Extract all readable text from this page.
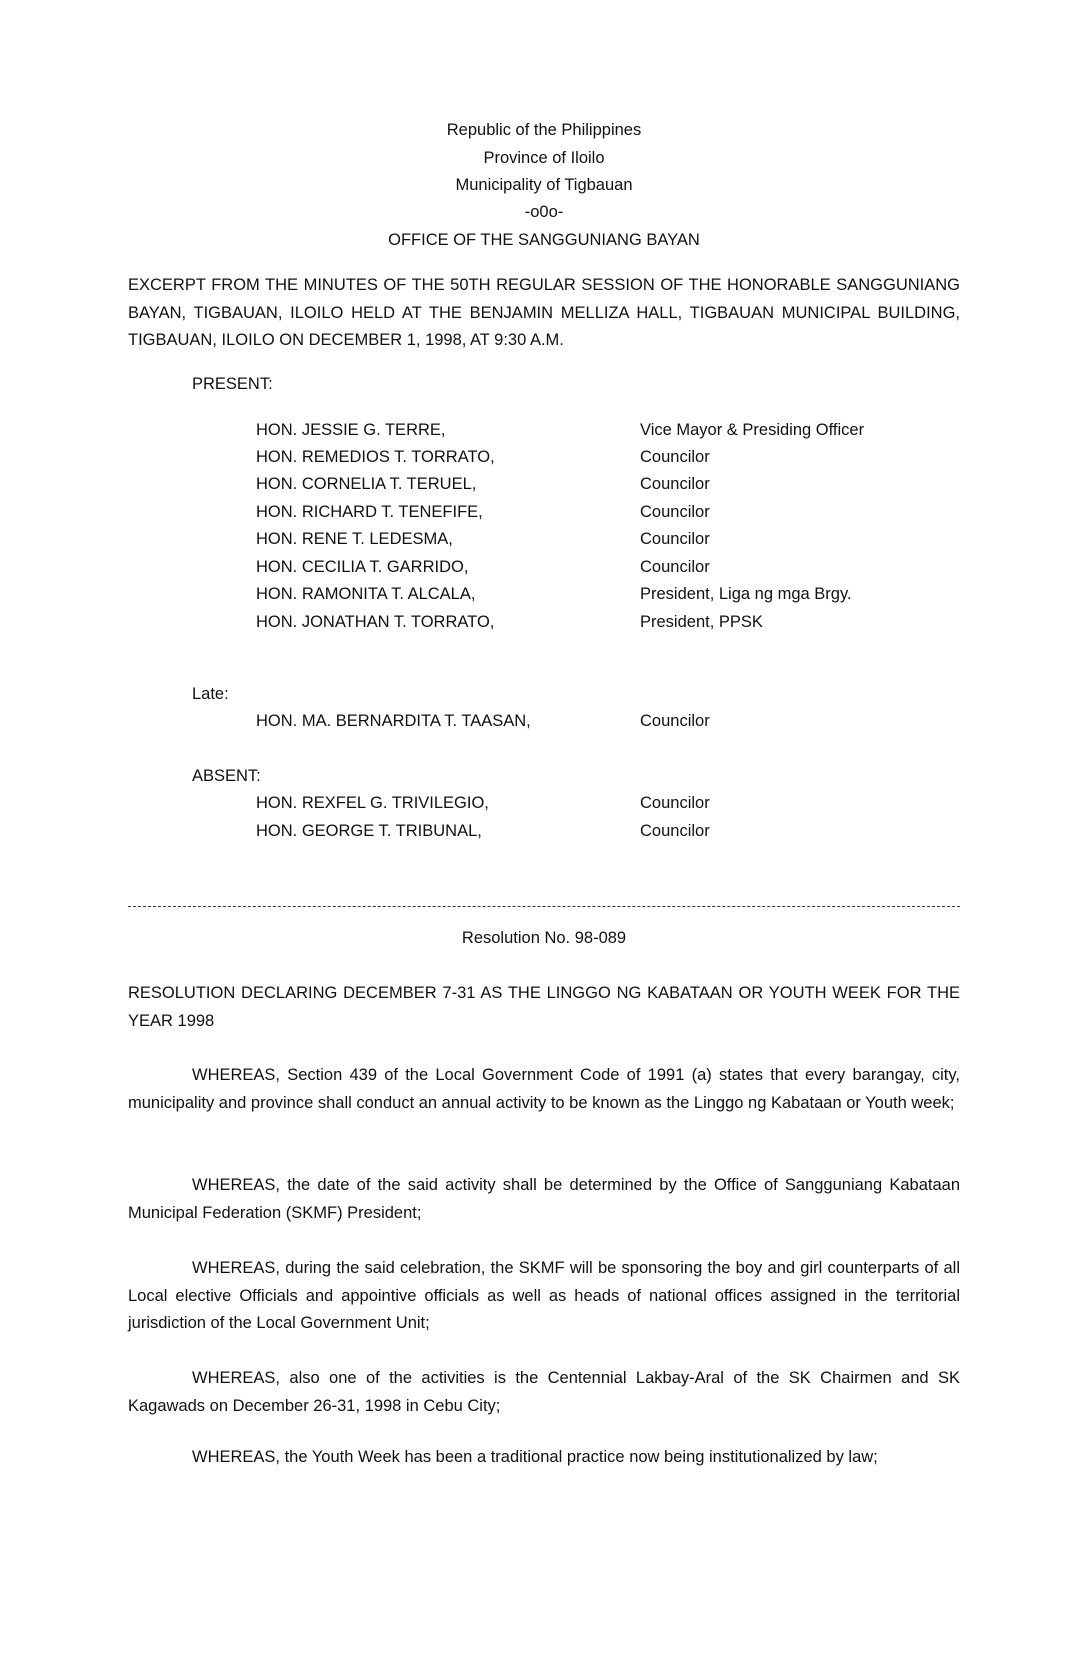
Republic of the Philippines
Province of Iloilo
Municipality of Tigbauan
-o0o-
OFFICE OF THE SANGGUNIANG BAYAN
EXCERPT FROM THE MINUTES OF THE 50TH REGULAR SESSION OF THE HONORABLE SANGGUNIANG
BAYAN, TIGBAUAN, ILOILO HELD AT THE BENJAMIN MELLIZA HALL, TIGBAUAN MUNICIPAL BUILDING,
TIGBAUAN, ILOILO ON DECEMBER 1, 1998, AT 9:30 A.M.
PRESENT:
HON. JESSIE G. TERRE,	Vice Mayor & Presiding Officer
HON. REMEDIOS T. TORRATO,	Councilor
HON. CORNELIA T. TERUEL,	Councilor
HON. RICHARD T. TENEFIFE,	Councilor
HON. RENE T. LEDESMA,	Councilor
HON. CECILIA T. GARRIDO,	Councilor
HON. RAMONITA T. ALCALA,	President, Liga ng mga Brgy.
HON. JONATHAN T. TORRATO,	President, PPSK
Late:
HON. MA. BERNARDITA T. TAASAN,	Councilor
ABSENT:
HON. REXFEL G. TRIVILEGIO,	Councilor
HON. GEORGE T. TRIBUNAL,	Councilor
Resolution No. 98-089
RESOLUTION DECLARING DECEMBER 7-31 AS THE LINGGO NG KABATAAN OR YOUTH WEEK FOR THE
YEAR 1998
WHEREAS, Section 439 of the Local Government Code of 1991 (a) states that every barangay, city, municipality and province shall conduct an annual activity to be known as the Linggo ng Kabataan or Youth week;
WHEREAS, the date of the said activity shall be determined by the Office of Sangguniang Kabataan Municipal Federation (SKMF) President;
WHEREAS, during the said celebration, the SKMF will be sponsoring the boy and girl counterparts of all Local elective Officials and appointive officials as well as heads of national offices assigned in the territorial jurisdiction of the Local Government Unit;
WHEREAS, also one of the activities is the Centennial Lakbay-Aral of the SK Chairmen and SK Kagawads on December 26-31, 1998 in Cebu City;
WHEREAS, the Youth Week has been a traditional practice now being institutionalized by law;
